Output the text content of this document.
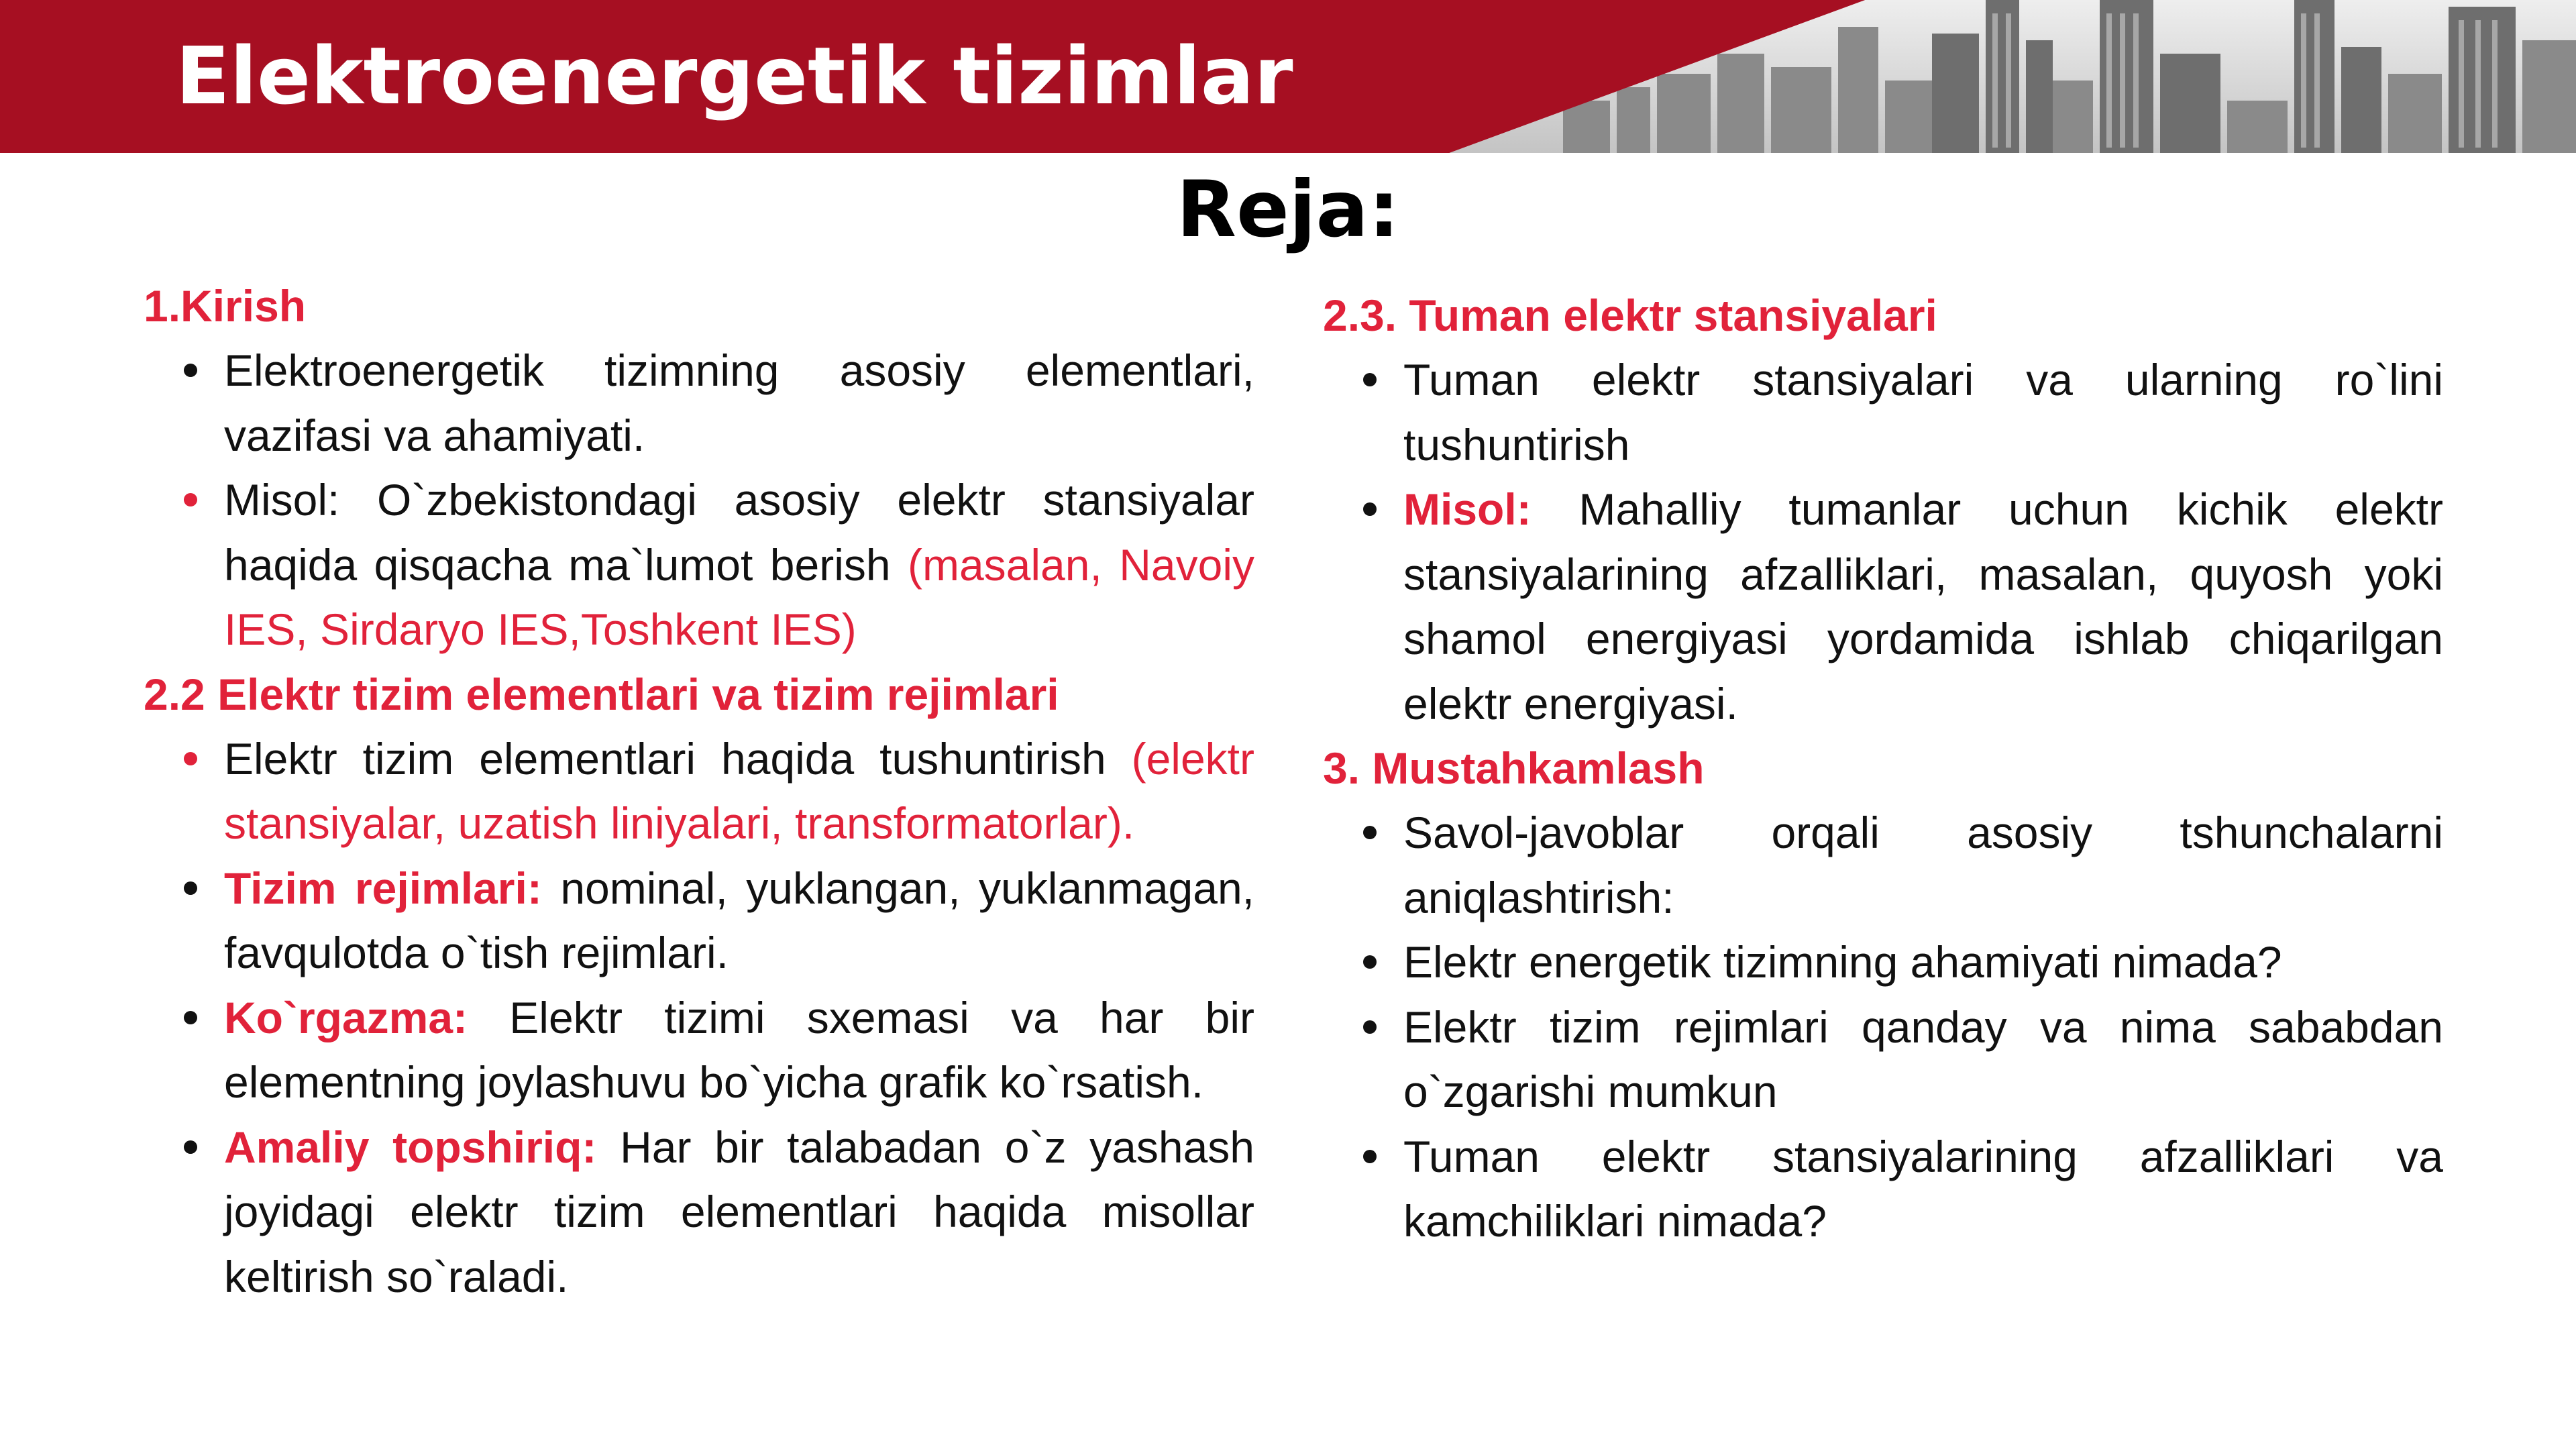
Elektroenergetik tizimlar
Reja:

1.Kirish

Elektroenergetik tizimning asosiy elementlari, vazifasi va ahamiyati.
Misol: O`zbekistondagi asosiy elektr stansiyalar haqida qisqacha ma`lumot berish (masalan, Navoiy IES, Sirdaryo IES,Toshkent IES)

2.2 Elektr tizim elementlari va tizim rejimlari

Elektr tizim elementlari haqida tushuntirish (elektr stansiyalar, uzatish liniyalari, transformatorlar).
Tizim rejimlari: nominal, yuklangan, yuklanmagan, favqulotda o`tish rejimlari.
Ko`rgazma: Elektr tizimi sxemasi va har bir elementning joylashuvu bo`yicha grafik ko`rsatish.
Amaliy topshiriq: Har bir talabadan o`z yashash joyidagi elektr tizim elementlari haqida misollar keltirish so`raladi.

2.3. Tuman elektr stansiyalari

Tuman elektr stansiyalari va ularning ro`lini tushuntirish
Misol: Mahalliy tumanlar uchun kichik elektr stansiyalarining afzalliklari, masalan, quyosh yoki shamol energiyasi yordamida ishlab chiqarilgan elektr energiyasi.

3. Mustahkamlash

Savol-javoblar orqali asosiy tshunchalarni aniqlashtirish:
Elektr energetik tizimning ahamiyati nimada?
Elektr tizim rejimlari qanday va nima sababdan o`zgarishi mumkun
Tuman elektr stansiyalarining afzalliklari va kamchiliklari nimada?
